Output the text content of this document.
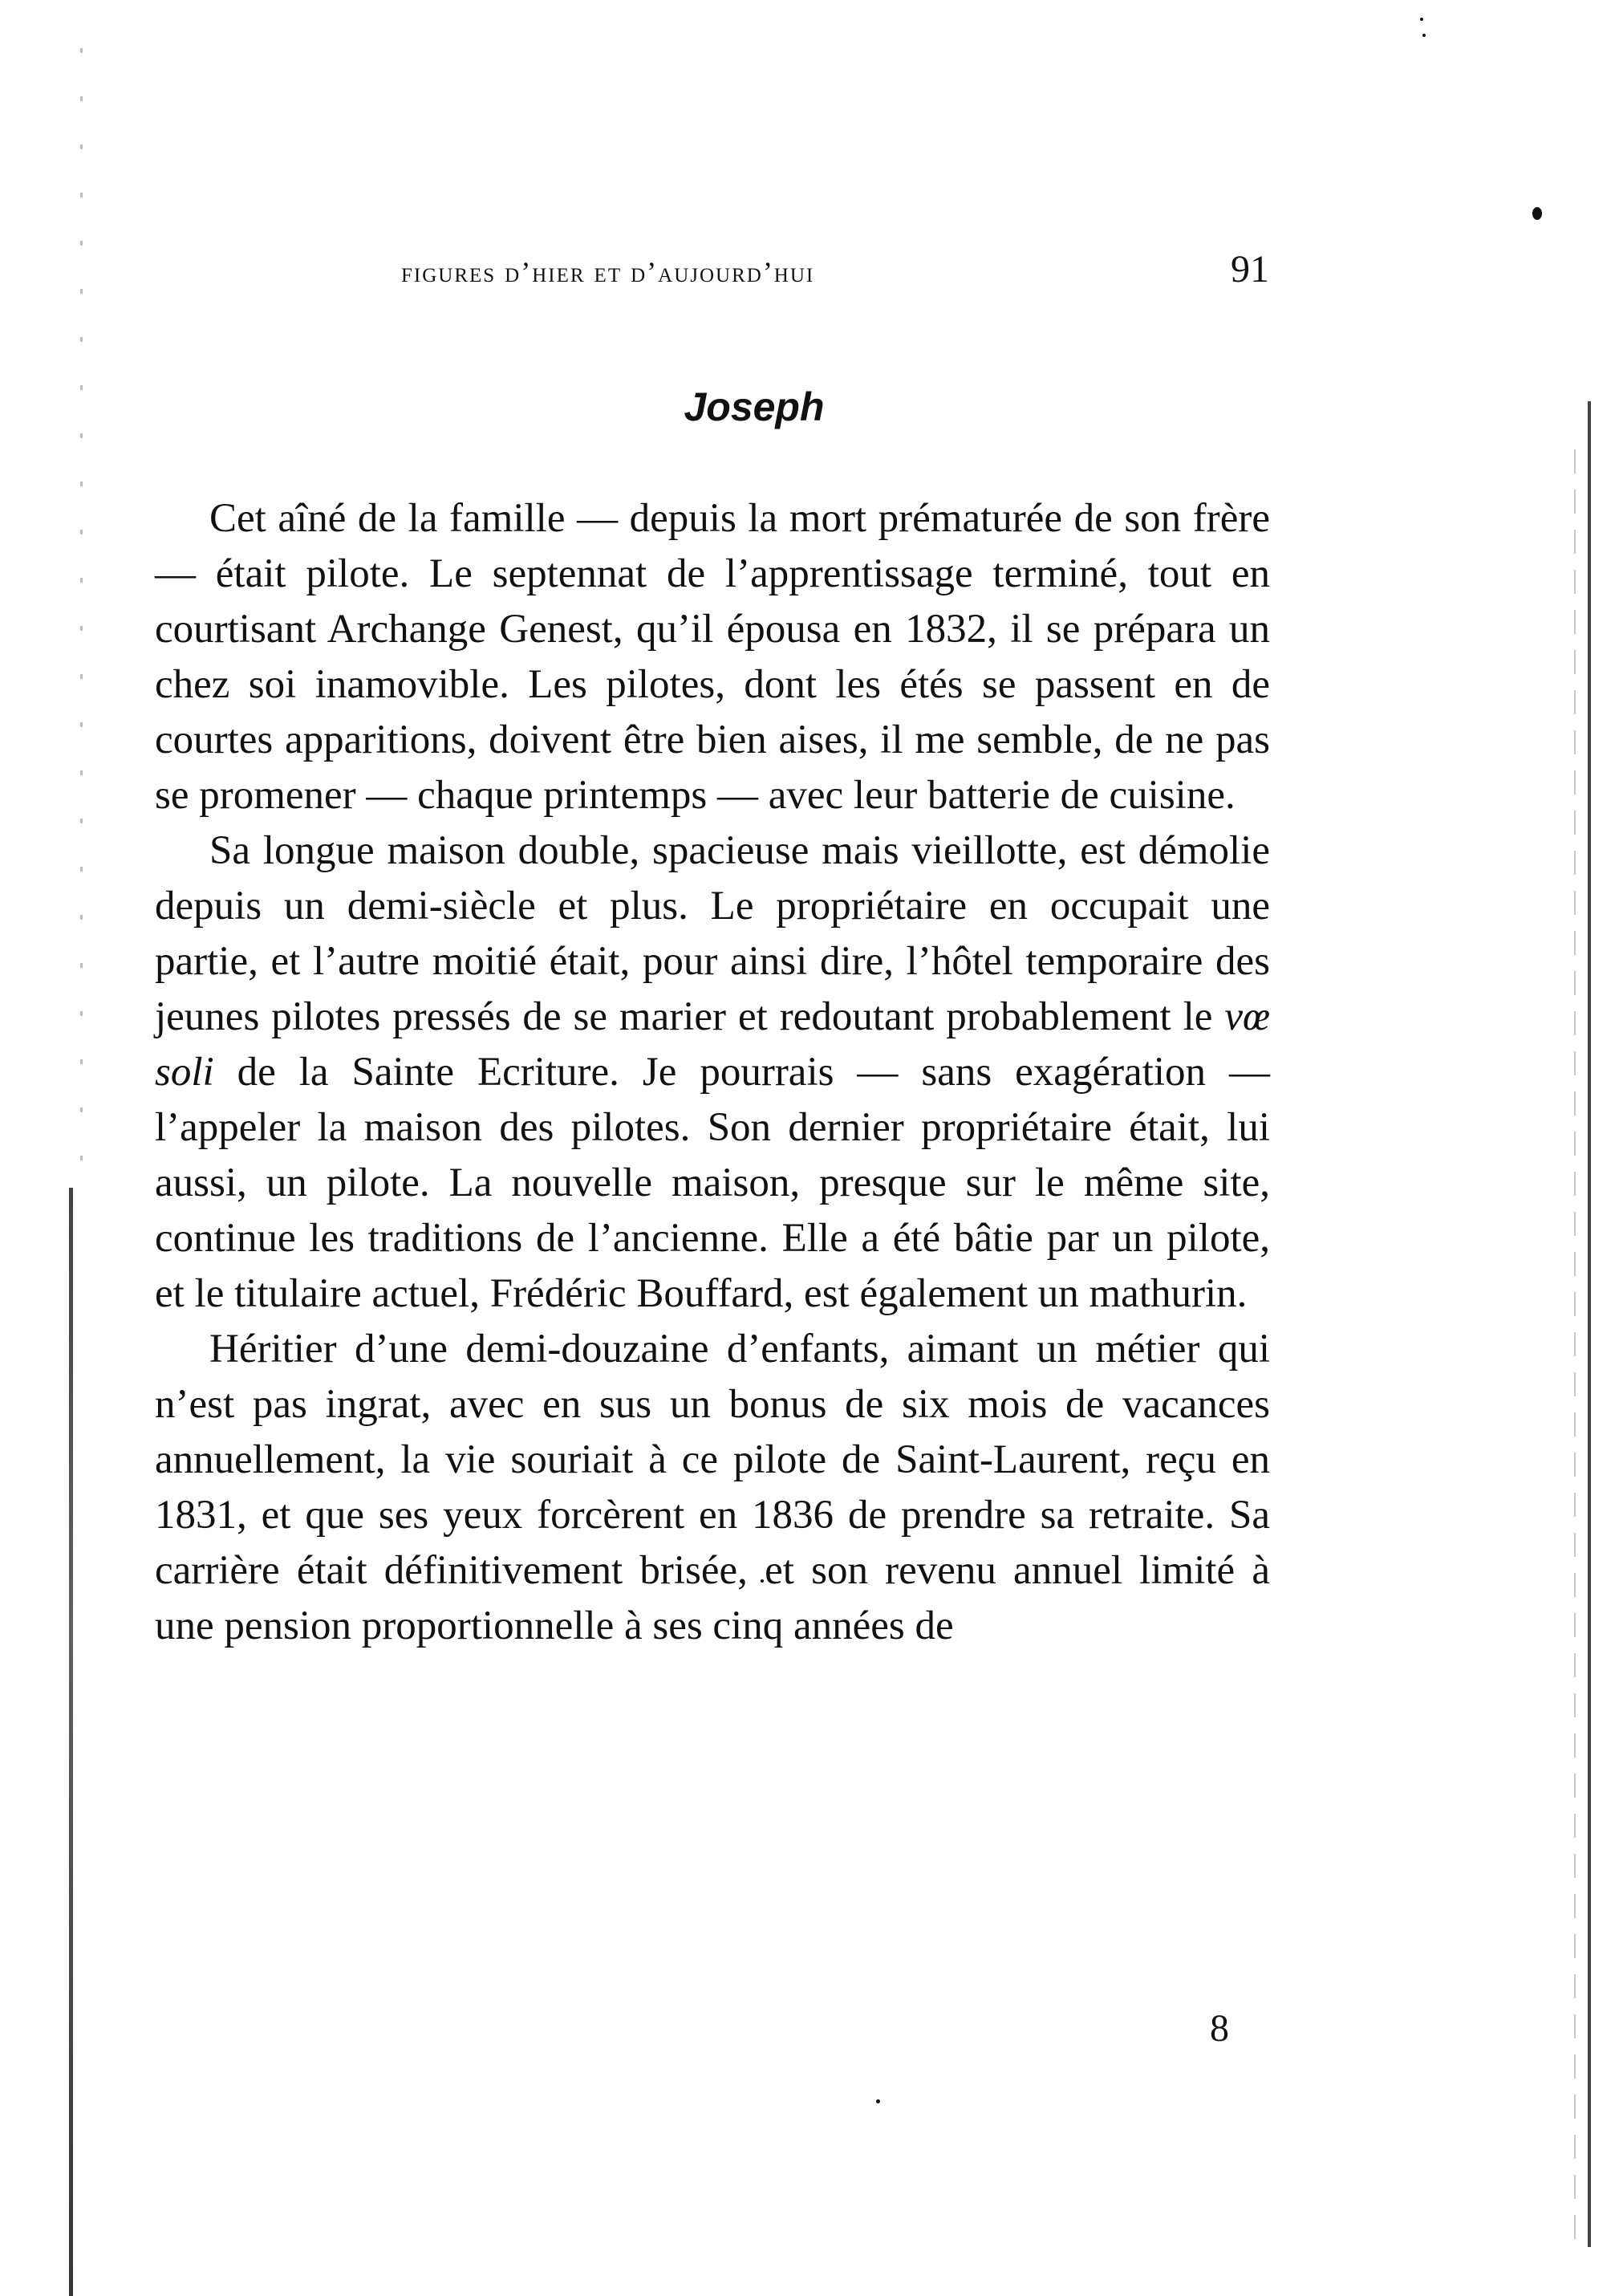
figures d’hier et d’aujourd’hui	91
Joseph

Cet aîné de la famille — depuis la mort prématurée de son frère — était pilote. Le septennat de l’apprentissage terminé, tout en courtisant Archange Genest, qu’il épousa en 1832, il se prépara un chez soi inamovible. Les pilotes, dont les étés se passent en de courtes apparitions, doivent être bien aises, il me semble, de ne pas se promener — chaque printemps — avec leur batterie de cuisine.

Sa longue maison double, spacieuse mais vieillotte, est démolie depuis un demi-siècle et plus. Le propriétaire en occupait une partie, et l’autre moitié était, pour ainsi dire, l’hôtel temporaire des jeunes pilotes pressés de se marier et redoutant probablement le vœ soli de la Sainte Ecriture. Je pourrais — sans exagération — l’appeler la maison des pilotes. Son dernier propriétaire était, lui aussi, un pilote. La nouvelle maison, presque sur le même site, continue les traditions de l’ancienne. Elle a été bâtie par un pilote, et le titulaire actuel, Frédéric Bouffard, est également un mathurin.

Héritier d’une demi-douzaine d’enfants, aimant un métier qui n’est pas ingrat, avec en sus un bonus de six mois de vacances annuellement, la vie souriait à ce pilote de Saint-Laurent, reçu en 1831, et que ses yeux forcèrent en 1836 de prendre sa retraite. Sa carrière était définitivement brisée, et son revenu annuel limité à une pension proportionnelle à ses cinq années de

8
